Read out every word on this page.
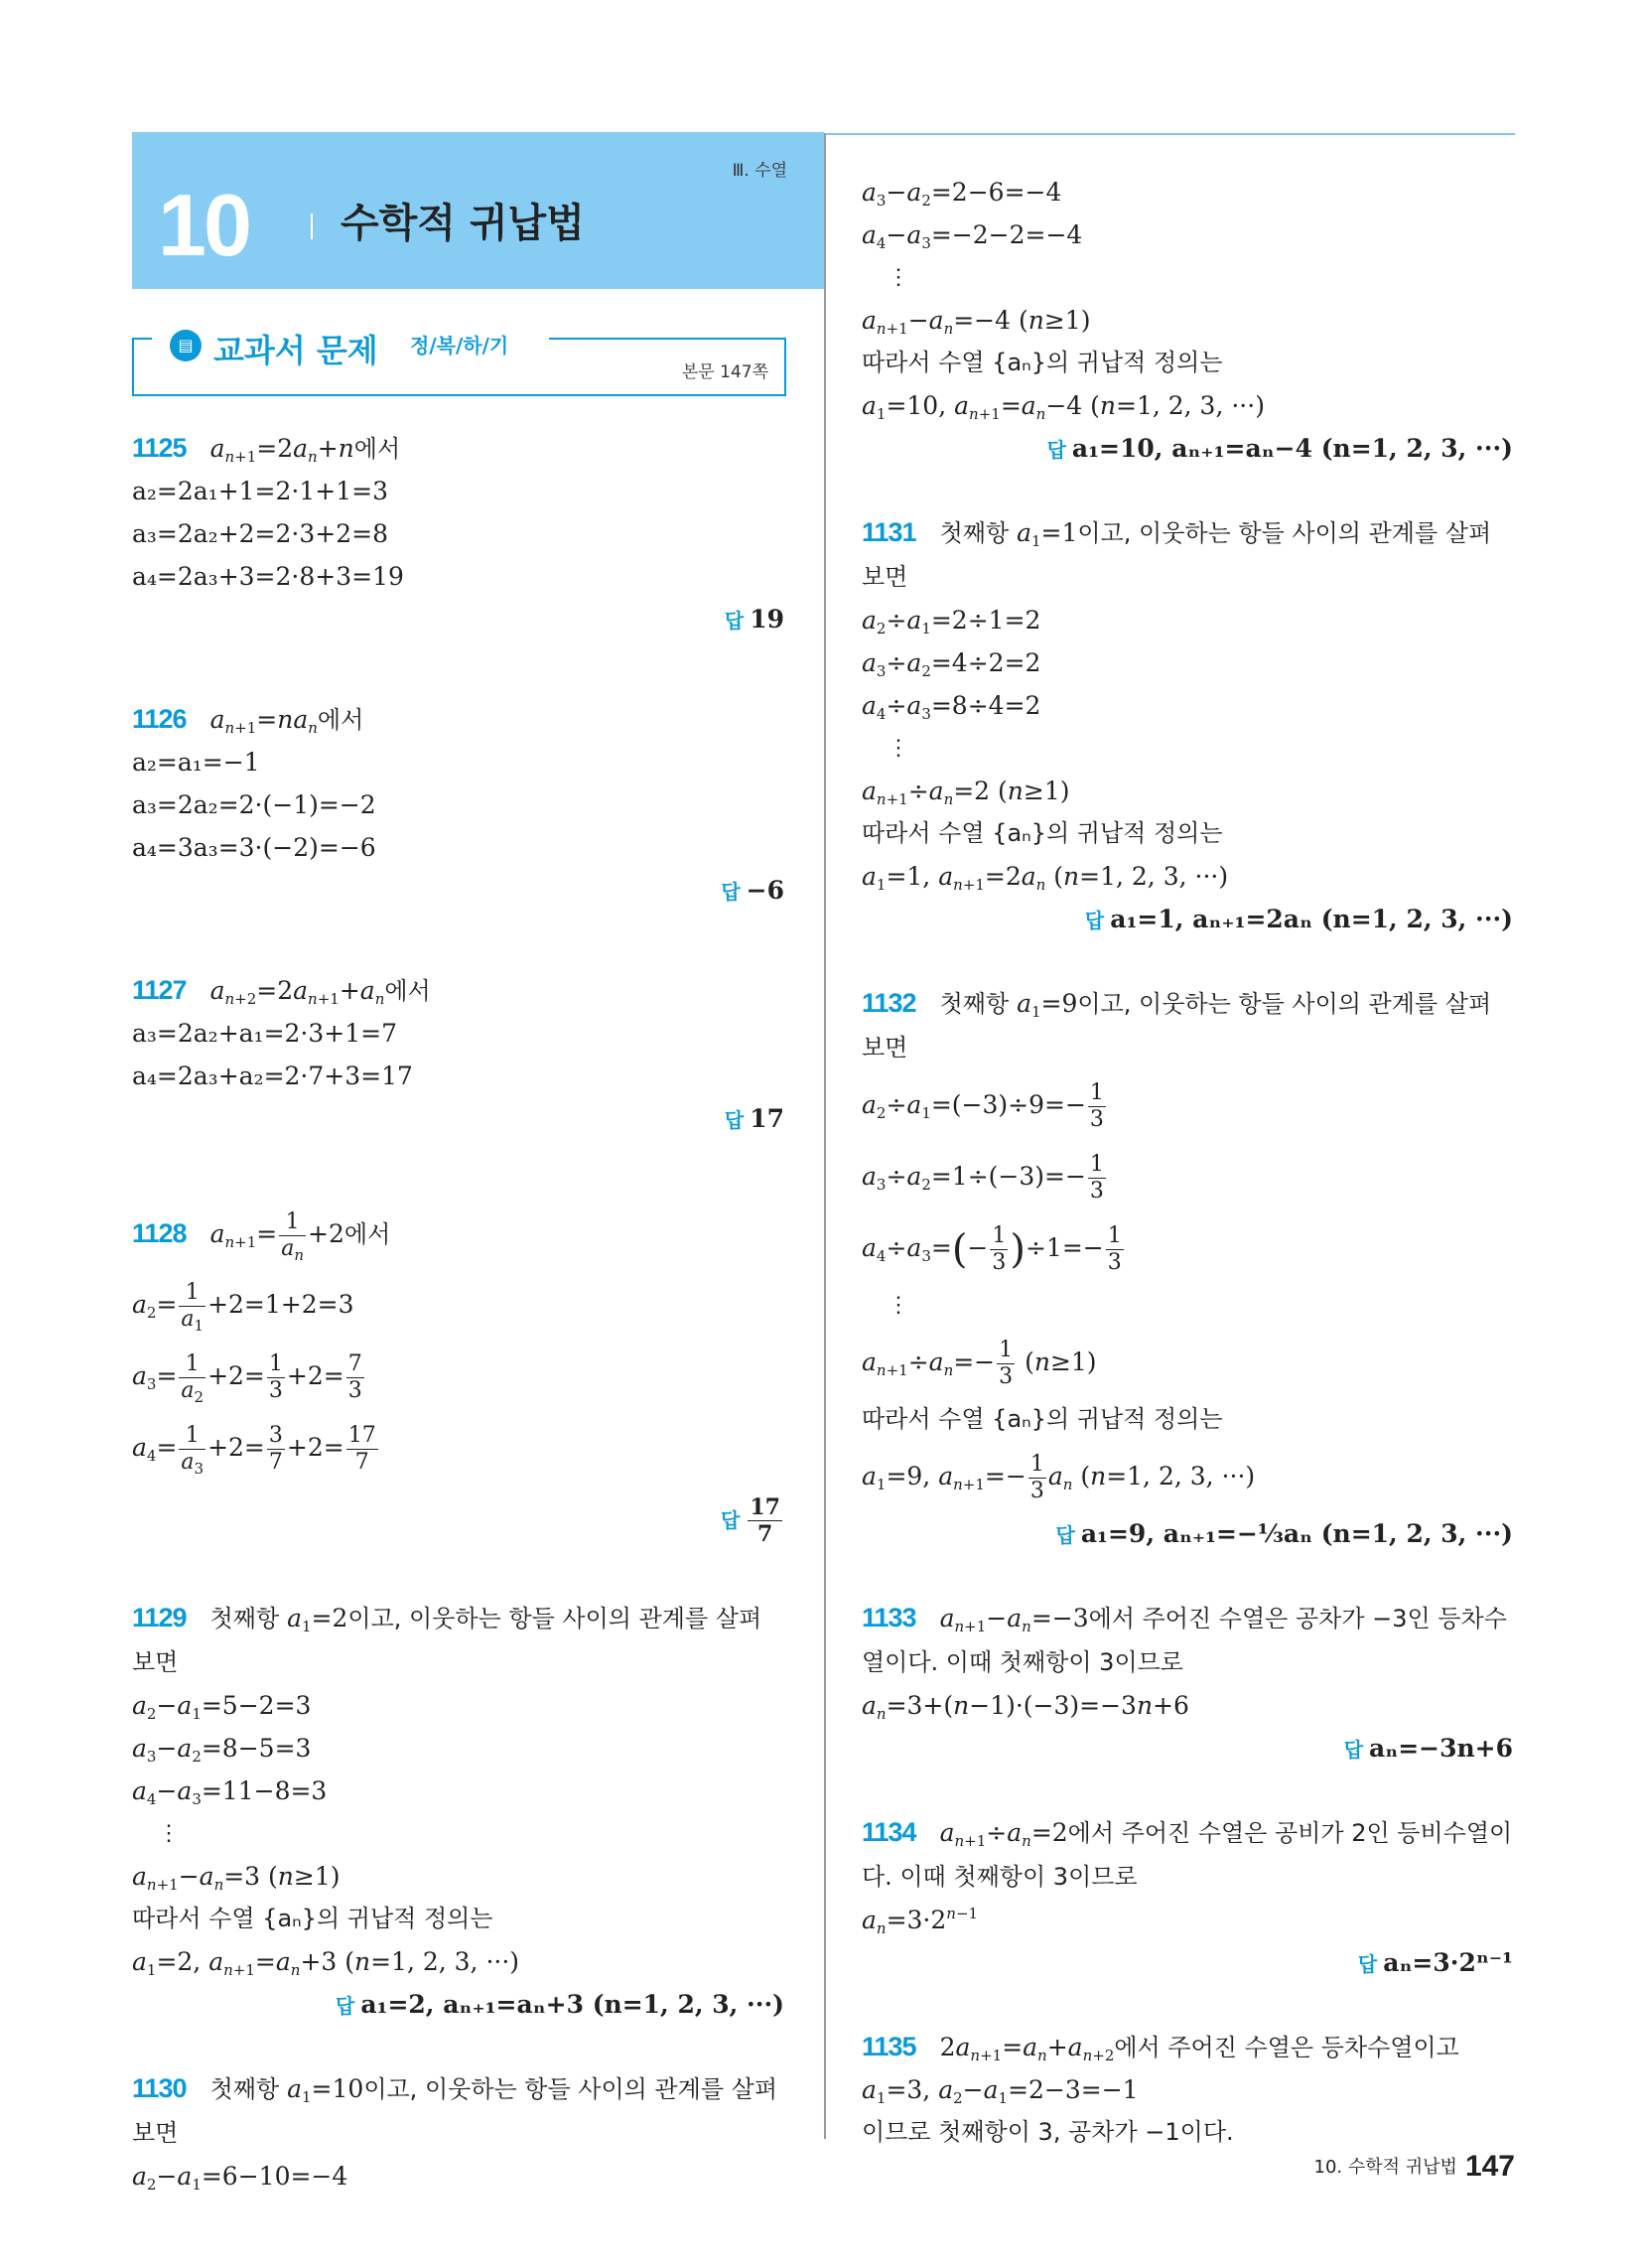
10 수학적 귀납법
Ⅲ. 수열
▤ 교과서 문제 정/복/하/기
본문 147쪽
1125 $a_{n+1}=2a_n+n$에서
a₂=2a₁+1=2·1+1=3
a₃=2a₂+2=2·3+2=8
a₄=2a₃+3=2·8+3=19
답 19
1126 $a_{n+1}=na_n$에서
a₂=a₁=−1
a₃=2a₂=2·(−1)=−2
a₄=3a₃=3·(−2)=−6
답 −6
1127 $a_{n+2}=2a_{n+1}+a_n$에서
a₃=2a₂+a₁=2·3+1=7
a₄=2a₃+a₂=2·7+3=17
답 17
1128 $a_{n+1}= \frac{1}{a_n} +2$에서
$a_2= \frac{1}{a_1} +2=1+2=3$
$a_3= \frac{1}{a_2} +2= \frac{1}{3} +2= \frac{7}{3}$
$a_4= \frac{1}{a_3} +2= \frac{3}{7} +2= \frac{17}{7}$
답 $\frac{17}{7}$
1129 첫째항 $a_1=2$이고, 이웃하는 항들 사이의 관계를 살펴보면
$a_2-a_1=5-2=3$
$a_3-a_2=8-5=3$
$a_4-a_3=11-8=3$
⋮
$a_{n+1}-a_n=3$ (n≥1)
따라서 수열 {aₙ}의 귀납적 정의는
$a_1=2$, $a_{n+1}=a_n+3$ (n=1, 2, 3, ···)
답 a₁=2, aₙ₊₁=aₙ+3 (n=1, 2, 3, ···)
1130 첫째항 $a_1=10$이고, 이웃하는 항들 사이의 관계를 살펴보면
$a_2-a_1=6-10=-4$
$a_3-a_2=2-6=-4$
$a_4-a_3=-2-2=-4$
⋮
$a_{n+1}-a_n=-4$ (n≥1)
따라서 수열 {aₙ}의 귀납적 정의는
$a_1=10$, $a_{n+1}=a_n-4$ (n=1, 2, 3, ···)
답 a₁=10, aₙ₊₁=aₙ−4 (n=1, 2, 3, ···)
1131 첫째항 $a_1=1$이고, 이웃하는 항들 사이의 관계를 살펴보면
$a_2\div a_1=2\div 1=2$
$a_3\div a_2=4\div 2=2$
$a_4\div a_3=8\div 4=2$
⋮
$a_{n+1}\div a_n=2$ (n≥1)
따라서 수열 {aₙ}의 귀납적 정의는
$a_1=1$, $a_{n+1}=2a_n$ (n=1, 2, 3, ···)
답 a₁=1, aₙ₊₁=2aₙ (n=1, 2, 3, ···)
1132 첫째항 $a_1=9$이고, 이웃하는 항들 사이의 관계를 살펴보면
$a_2\div a_1=(-3)\div 9=- \frac{1}{3}$
$a_3\div a_2=1\div(-3)=- \frac{1}{3}$
$a_4\div a_3=(- \frac{1}{3} )\div 1=- \frac{1}{3}$
⋮
$a_{n+1}\div a_n=- \frac{1}{3} (n\ge 1)$
따라서 수열 {aₙ}의 귀납적 정의는
$a_1=9$, $a_{n+1}=- \frac{1}{3} a_n$ (n=1, 2, 3, ···)
답 a₁=9, aₙ₊₁=−⅓aₙ (n=1, 2, 3, ···)
1133 $a_{n+1}-a_n=-3$에서 주어진 수열은 공차가 −3인 등차수열이다. 이때 첫째항이 3이므로
$a_n=3+(n-1)\cdot(-3)=-3n+6$
답 aₙ=−3n+6
1134 $a_{n+1}\div a_n=2$에서 주어진 수열은 공비가 2인 등비수열이다. 이때 첫째항이 3이므로
$a_n=3\cdot 2^{n-1}$
답 aₙ=3·2ⁿ⁻¹
1135 $2a_{n+1}=a_n+a_{n+2}$에서 주어진 수열은 등차수열이고
$a_1=3$, $a_2-a_1=2-3=-1$
이므로 첫째항이 3, 공차가 −1이다.
10. 수학적 귀납법 147
